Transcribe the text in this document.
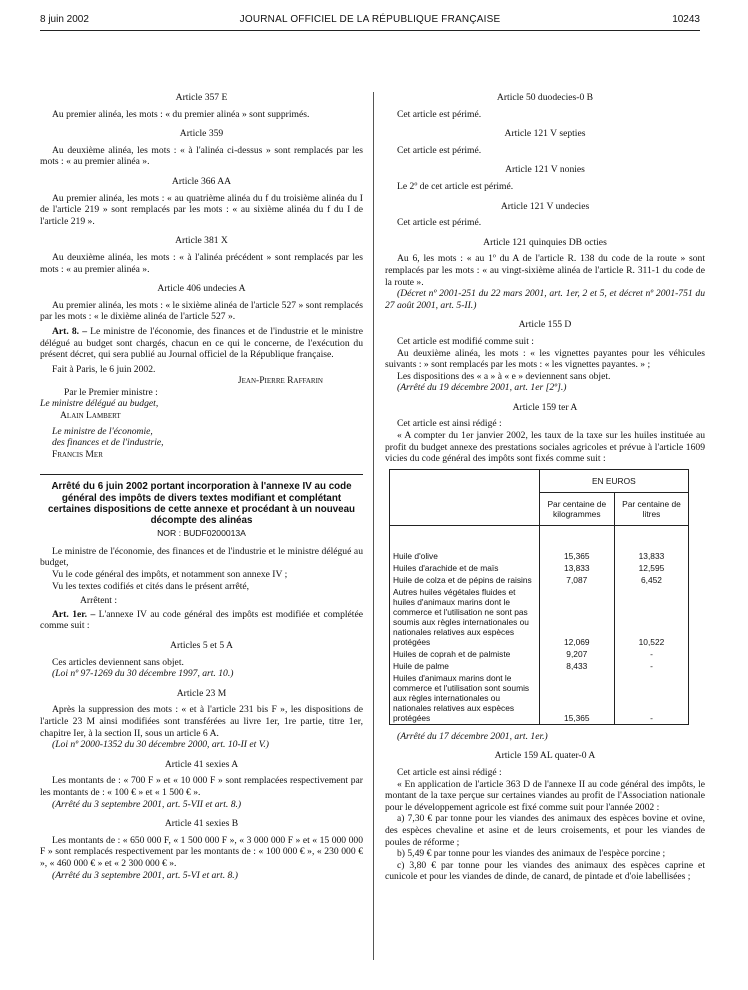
8 juin 2002	JOURNAL OFFICIEL DE LA RÉPUBLIQUE FRANÇAISE	10243
Article 357 E

Au premier alinéa, les mots : « du premier alinéa » sont supprimés.

Article 359

Au deuxième alinéa, les mots : « à l'alinéa ci-dessus » sont remplacés par les mots : « au premier alinéa ».

Article 366 AA

Au premier alinéa, les mots : « au quatrième alinéa du f du troisième alinéa du I de l'article 219 » sont remplacés par les mots : « au sixième alinéa du f du I de l'article 219 ».

Article 381 X

Au deuxième alinéa, les mots : « à l'alinéa précédent » sont remplacés par les mots : « au premier alinéa ».

Article 406 undecies A

Au premier alinéa, les mots : « le sixième alinéa de l'article 527 » sont remplacés par les mots : « le dixième alinéa de l'article 527 ».

Art. 8. – Le ministre de l'économie, des finances et de l'industrie et le ministre délégué au budget sont chargés, chacun en ce qui le concerne, de l'exécution du présent décret, qui sera publié au Journal officiel de la République française.

Fait à Paris, le 6 juin 2002.

Jean-Pierre Raffarin

Par le Premier ministre :

Le ministre délégué au budget,

Alain Lambert

Le ministre de l'économie,

des finances et de l'industrie,

Francis Mer

Arrêté du 6 juin 2002 portant incorporation à l'annexe IV au code général des impôts de divers textes modifiant et complétant certaines dispositions de cette annexe et procédant à un nouveau décompte des alinéas
NOR : BUDF0200013A

Le ministre de l'économie, des finances et de l'industrie et le ministre délégué au budget,

Vu le code général des impôts, et notamment son annexe IV ;

Vu les textes codifiés et cités dans le présent arrêté,

Arrêtent :

Art. 1er. – L'annexe IV au code général des impôts est modifiée et complétée comme suit :

Articles 5 et 5 A

Ces articles deviennent sans objet.

(Loi nº 97-1269 du 30 décembre 1997, art. 10.)

Article 23 M

Après la suppression des mots : « et à l'article 231 bis F », les dispositions de l'article 23 M ainsi modifiées sont transférées au livre 1er, 1re partie, titre 1er, chapitre Ier, à la section II, sous un article 6 A.

(Loi nº 2000-1352 du 30 décembre 2000, art. 10-II et V.)

Article 41 sexies A

Les montants de : « 700 F » et « 10 000 F » sont remplacées respectivement par les montants de : « 100 € » et « 1 500 € ».

(Arrêté du 3 septembre 2001, art. 5-VII et art. 8.)

Article 41 sexies B

Les montants de : « 650 000 F, « 1 500 000 F », « 3 000 000 F » et « 15 000 000 F » sont remplacés respectivement par les montants de : « 100 000 € », « 230 000 € », « 460 000 € » et « 2 300 000 € ».

(Arrêté du 3 septembre 2001, art. 5-VI et art. 8.)

Article 50 duodecies-0 B

Cet article est périmé.

Article 121 V septies

Cet article est périmé.

Article 121 V nonies

Le 2º de cet article est périmé.

Article 121 V undecies

Cet article est périmé.

Article 121 quinquies DB octies

Au 6, les mots : « au 1º du A de l'article R. 138 du code de la route » sont remplacés par les mots : « au vingt-sixième alinéa de l'article R. 311-1 du code de la route ».

(Décret nº 2001-251 du 22 mars 2001, art. 1er, 2 et 5, et décret nº 2001-751 du 27 août 2001, art. 5-II.)

Article 155 D

Cet article est modifié comme suit :

Au deuxième alinéa, les mots : « les vignettes payantes pour les véhicules suivants : » sont remplacés par les mots : « les vignettes payantes. » ;

Les dispositions des « a » à « e » deviennent sans objet.

(Arrêté du 19 décembre 2001, art. 1er [2º].)

Article 159 ter A

Cet article est ainsi rédigé :

« A compter du 1er janvier 2002, les taux de la taxe sur les huiles instituée au profit du budget annexe des prestations sociales agricoles et prévue à l'article 1609 vicies du code général des impôts sont fixés comme suit :

	EN EUROS	
	Par centaine de kilogrammes	Par centaine de litres

Huile d'olive	15,365	13,833
Huiles d'arachide et de maïs	13,833	12,595
Huile de colza et de pépins de raisins	7,087	6,452
Autres huiles végétales fluides et huiles d'animaux marins dont le commerce et l'utilisation ne sont pas soumis aux règles internationales ou nationales relatives aux espèces protégées	12,069	10,522
Huiles de coprah et de palmiste	9,207	-
Huile de palme	8,433	-
Huiles d'animaux marins dont le commerce et l'utilisation sont soumis aux règles internationales ou nationales relatives aux espèces protégées	15,365	-

(Arrêté du 17 décembre 2001, art. 1er.)

Article 159 AL quater-0 A

Cet article est ainsi rédigé :

« En application de l'article 363 D de l'annexe II au code général des impôts, le montant de la taxe perçue sur certaines viandes au profit de l'Association nationale pour le développement agricole est fixé comme suit pour l'année 2002 :

a) 7,30 € par tonne pour les viandes des animaux des espèces bovine et ovine, des espèces chevaline et asine et de leurs croisements, et pour les viandes de poules de réforme ;

b) 5,49 € par tonne pour les viandes des animaux de l'espèce porcine ;

c) 3,80 € par tonne pour les viandes des animaux des espèces caprine et cunicole et pour les viandes de dinde, de canard, de pintade et d'oie labellisées ;
